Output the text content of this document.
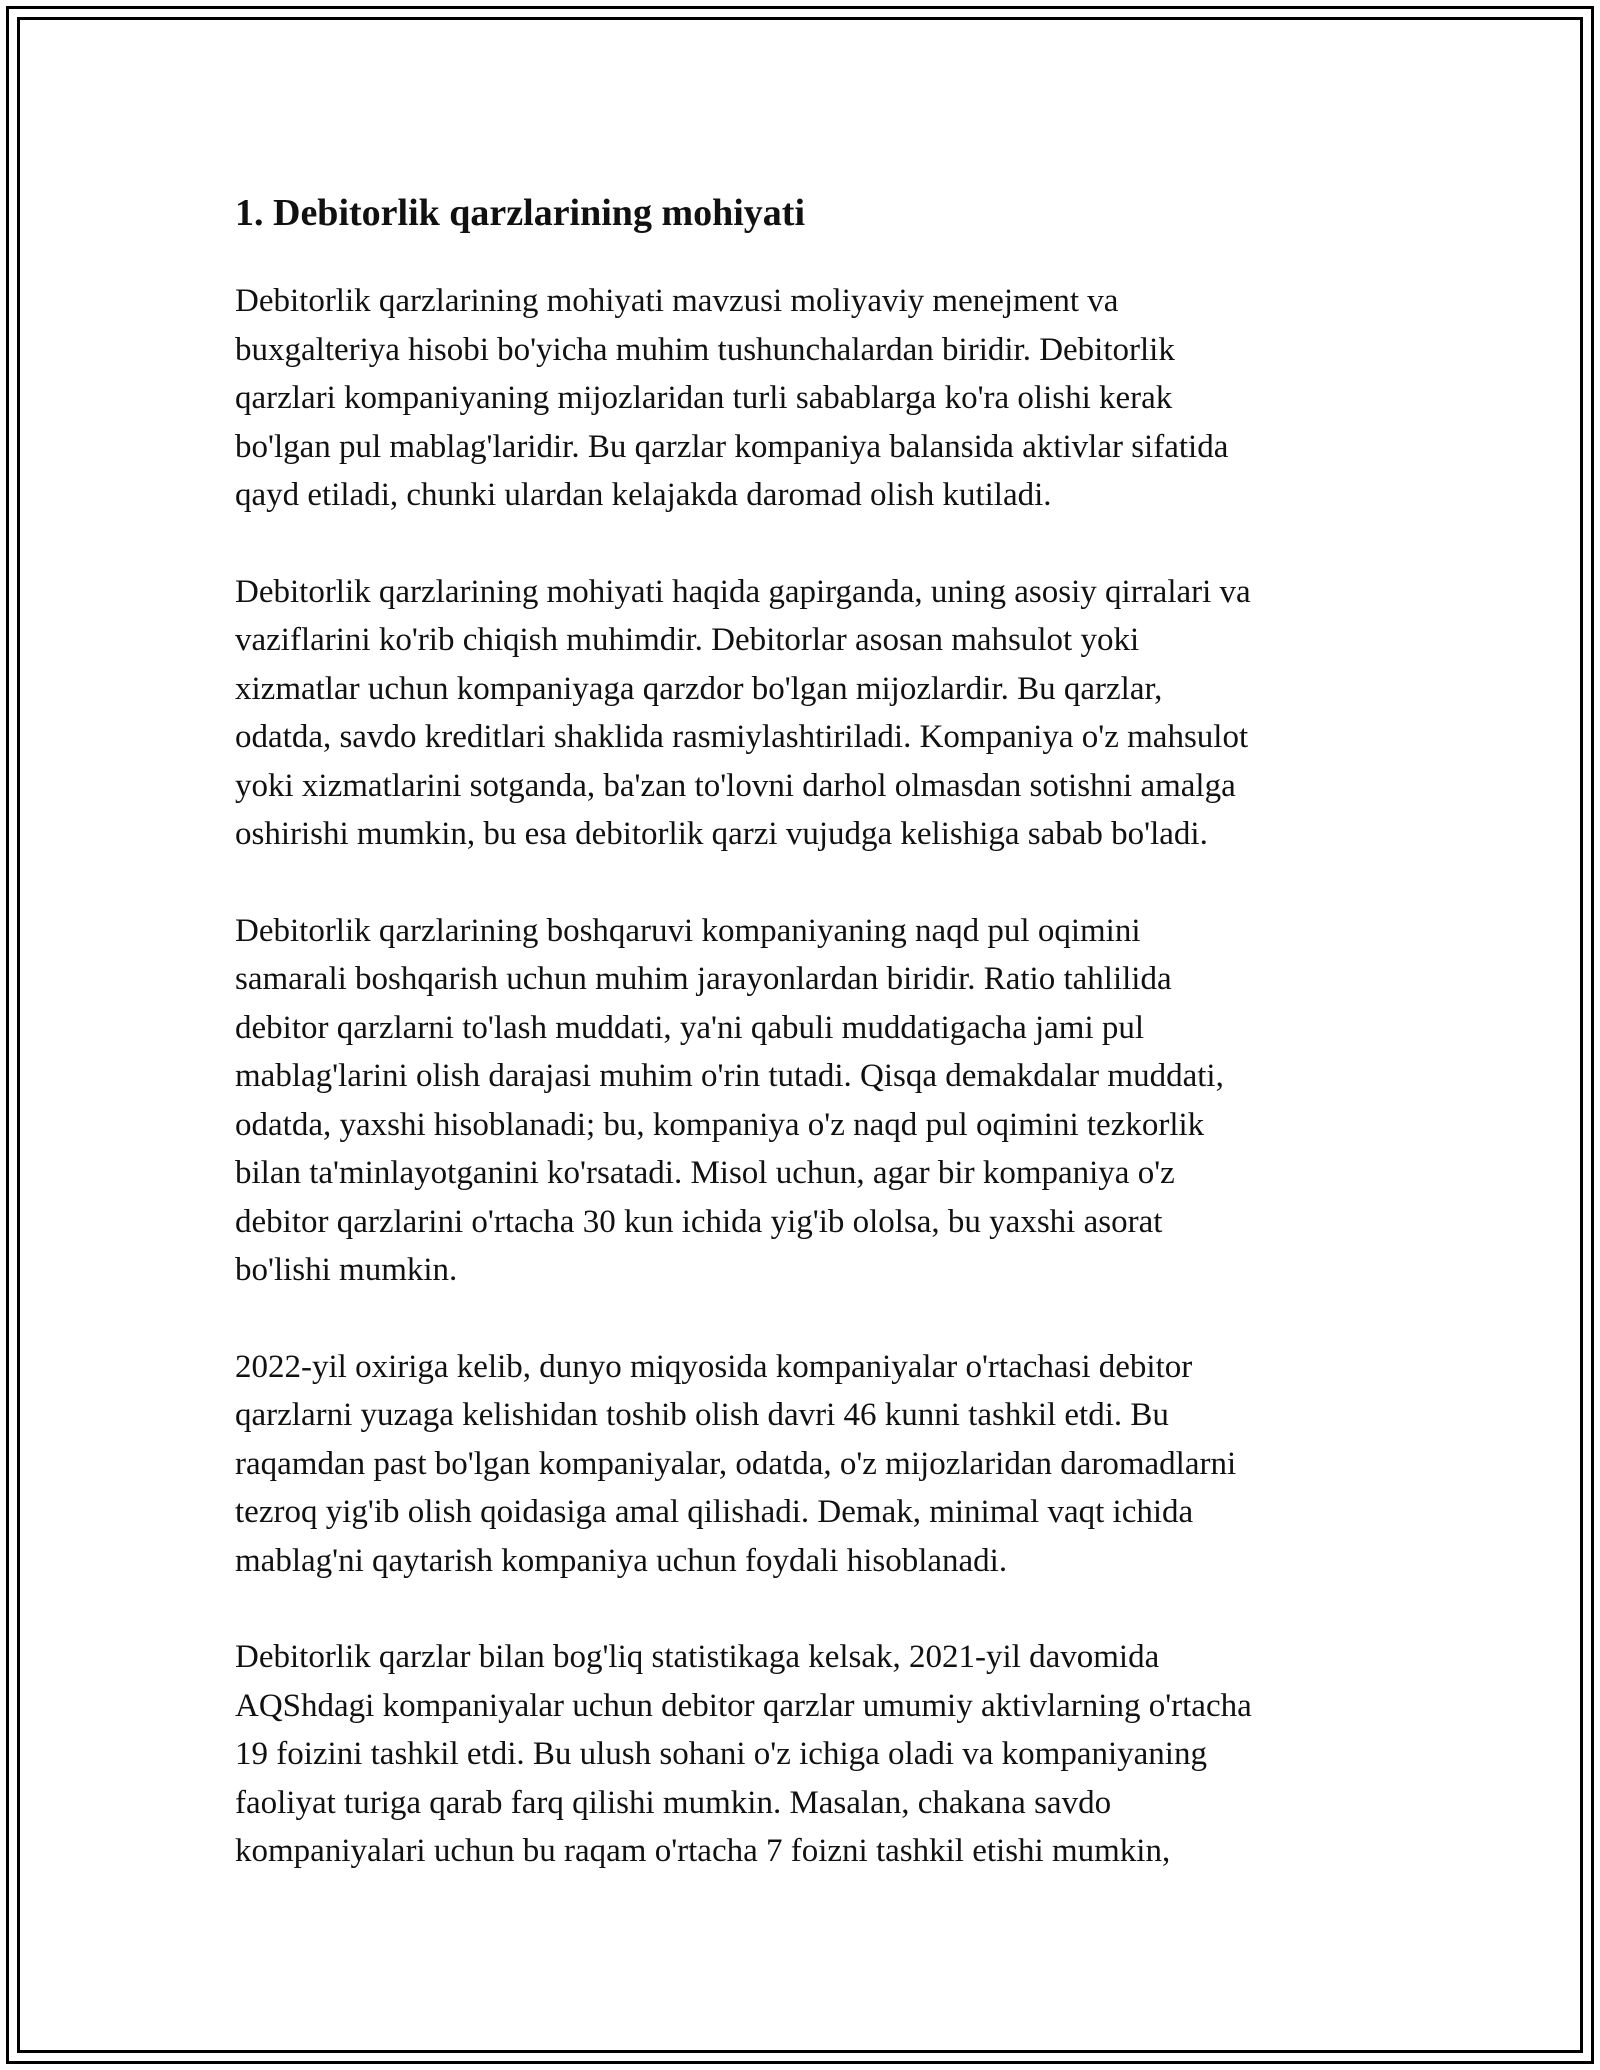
1. Debitorlik qarzlarining mohiyati

Debitorlik qarzlarining mohiyati mavzusi moliyaviy menejment va
buxgalteriya hisobi bo'yicha muhim tushunchalardan biridir. Debitorlik
qarzlari kompaniyaning mijozlaridan turli sabablarga ko'ra olishi kerak
bo'lgan pul mablag'laridir. Bu qarzlar kompaniya balansida aktivlar sifatida
qayd etiladi, chunki ulardan kelajakda daromad olish kutiladi.

Debitorlik qarzlarining mohiyati haqida gapirganda, uning asosiy qirralari va
vaziflarini ko'rib chiqish muhimdir. Debitorlar asosan mahsulot yoki
xizmatlar uchun kompaniyaga qarzdor bo'lgan mijozlardir. Bu qarzlar,
odatda, savdo kreditlari shaklida rasmiylashtiriladi. Kompaniya o'z mahsulot
yoki xizmatlarini sotganda, ba'zan to'lovni darhol olmasdan sotishni amalga
oshirishi mumkin, bu esa debitorlik qarzi vujudga kelishiga sabab bo'ladi.

Debitorlik qarzlarining boshqaruvi kompaniyaning naqd pul oqimini
samarali boshqarish uchun muhim jarayonlardan biridir. Ratio tahlilida
debitor qarzlarni to'lash muddati, ya'ni qabuli muddatigacha jami pul
mablag'larini olish darajasi muhim o'rin tutadi. Qisqa demakdalar muddati,
odatda, yaxshi hisoblanadi; bu, kompaniya o'z naqd pul oqimini tezkorlik
bilan ta'minlayotganini ko'rsatadi. Misol uchun, agar bir kompaniya o'z
debitor qarzlarini o'rtacha 30 kun ichida yig'ib ololsa, bu yaxshi asorat
bo'lishi mumkin.

2022-yil oxiriga kelib, dunyo miqyosida kompaniyalar o'rtachasi debitor
qarzlarni yuzaga kelishidan toshib olish davri 46 kunni tashkil etdi. Bu
raqamdan past bo'lgan kompaniyalar, odatda, o'z mijozlaridan daromadlarni
tezroq yig'ib olish qoidasiga amal qilishadi. Demak, minimal vaqt ichida
mablag'ni qaytarish kompaniya uchun foydali hisoblanadi.

Debitorlik qarzlar bilan bog'liq statistikaga kelsak, 2021-yil davomida
AQShdagi kompaniyalar uchun debitor qarzlar umumiy aktivlarning o'rtacha
19 foizini tashkil etdi. Bu ulush sohani o'z ichiga oladi va kompaniyaning
faoliyat turiga qarab farq qilishi mumkin. Masalan, chakana savdo
kompaniyalari uchun bu raqam o'rtacha 7 foizni tashkil etishi mumkin,
